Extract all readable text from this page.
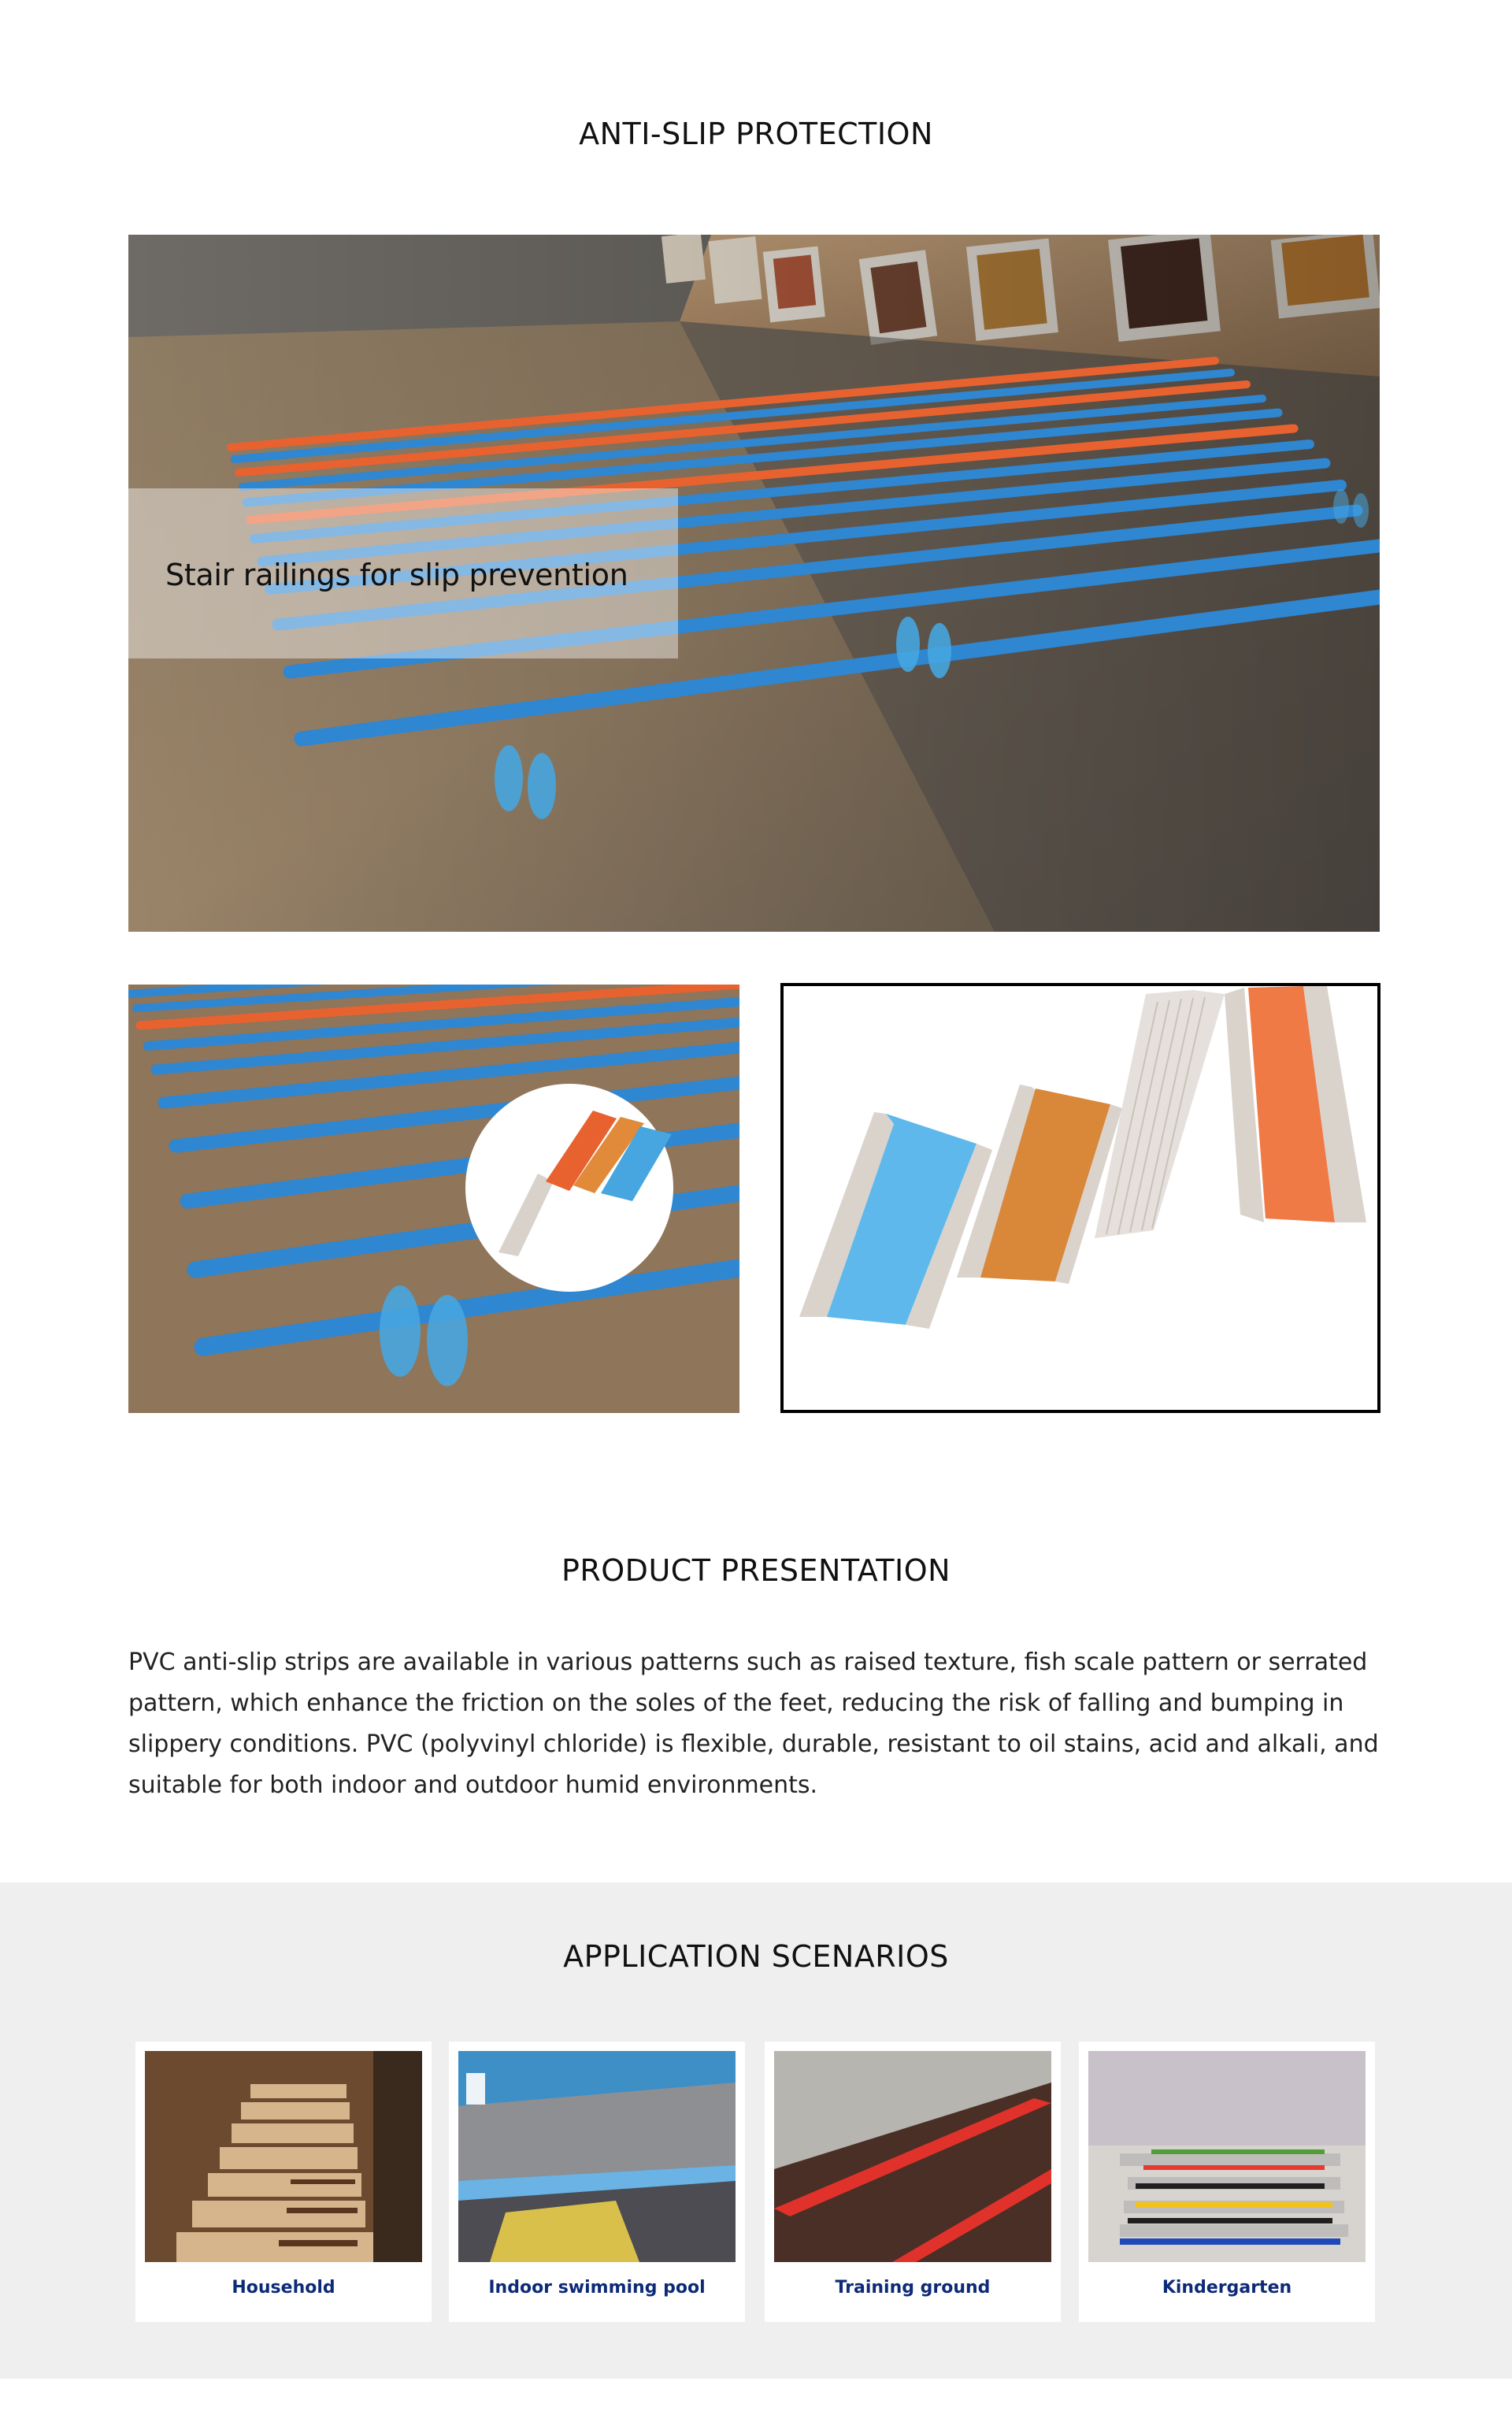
ANTI-SLIP PROTECTION
Stair railings for slip prevention
PRODUCT PRESENTATION

PVC anti-slip strips are available in various patterns such as raised texture, fish scale pattern or serrated pattern, which enhance the friction on the soles of the feet, reducing the risk of falling and bumping in slippery conditions. PVC (polyvinyl chloride) is flexible, durable, resistant to oil stains, acid and alkali, and suitable for both indoor and outdoor humid environments.

APPLICATION SCENARIOS
Household	Indoor swimming pool	Training ground	Kindergarten
